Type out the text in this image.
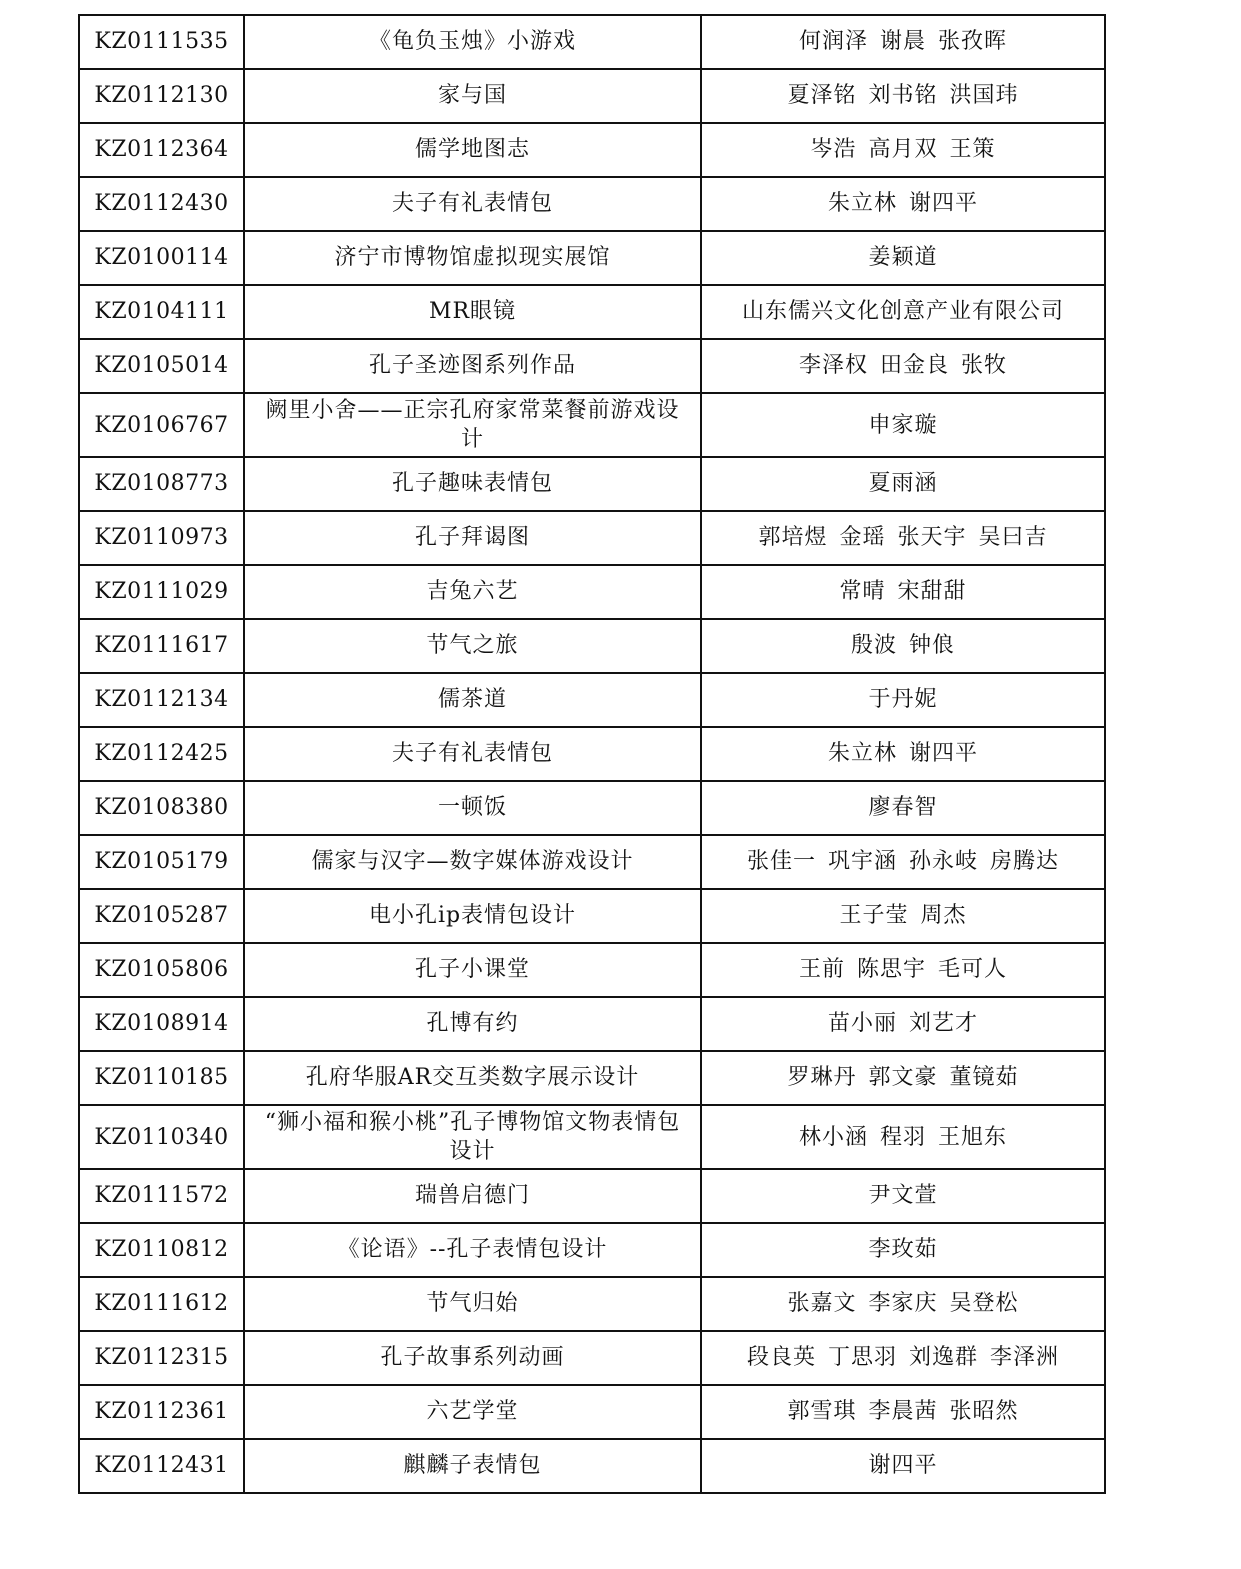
KZ0111535	《龟负玉烛》小游戏	何润泽 谢晨 张孜晖
KZ0112130	家与国	夏泽铭 刘书铭 洪国玮
KZ0112364	儒学地图志	岑浩 高月双 王策
KZ0112430	夫子有礼表情包	朱立林 谢四平
KZ0100114	济宁市博物馆虚拟现实展馆	姜颖道
KZ0104111	MR眼镜	山东儒兴文化创意产业有限公司
KZ0105014	孔子圣迹图系列作品	李泽权 田金良 张牧
KZ0106767	阙里小舍——正宗孔府家常菜餐前游戏设计	申家璇
KZ0108773	孔子趣味表情包	夏雨涵
KZ0110973	孔子拜谒图	郭培煜 金瑶 张天宇 吴曰吉
KZ0111029	吉兔六艺	常晴 宋甜甜
KZ0111617	节气之旅	殷波 钟俍
KZ0112134	儒茶道	于丹妮
KZ0112425	夫子有礼表情包	朱立林 谢四平
KZ0108380	一顿饭	廖春智
KZ0105179	儒家与汉字—数字媒体游戏设计	张佳一 巩宇涵 孙永岐 房腾达
KZ0105287	电小孔ip表情包设计	王子莹 周杰
KZ0105806	孔子小课堂	王前 陈思宇 毛可人
KZ0108914	孔博有约	苗小丽 刘艺才
KZ0110185	孔府华服AR交互类数字展示设计	罗琳丹 郭文豪 董镜茹
KZ0110340	“狮小福和猴小桃”孔子博物馆文物表情包设计	林小涵 程羽 王旭东
KZ0111572	瑞兽启德门	尹文萱
KZ0110812	《论语》--孔子表情包设计	李玫茹
KZ0111612	节气归始	张嘉文 李家庆 吴登松
KZ0112315	孔子故事系列动画	段良英 丁思羽 刘逸群 李泽洲
KZ0112361	六艺学堂	郭雪琪 李晨茜 张昭然
KZ0112431	麒麟子表情包	谢四平
